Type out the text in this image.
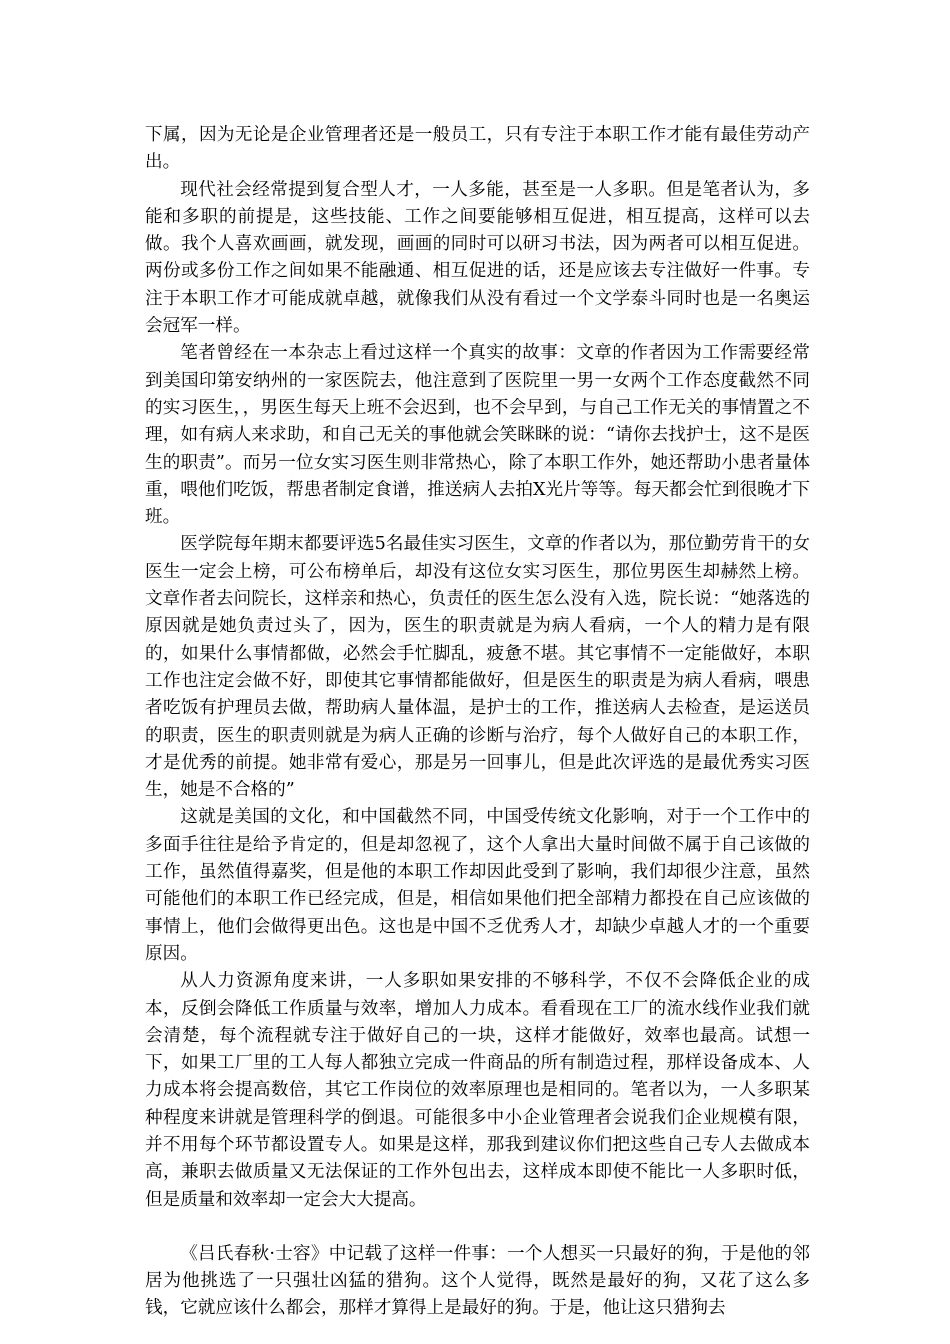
下属，因为无论是企业管理者还是一般员工，只有专注于本职工作才能有最佳劳动产出。

现代社会经常提到复合型人才，一人多能，甚至是一人多职。但是笔者认为，多能和多职的前提是，这些技能、工作之间要能够相互促进，相互提高，这样可以去做。我个人喜欢画画，就发现，画画的同时可以研习书法，因为两者可以相互促进。两份或多份工作之间如果不能融通、相互促进的话，还是应该去专注做好一件事。专注于本职工作才可能成就卓越，就像我们从没有看过一个文学泰斗同时也是一名奥运会冠军一样。

笔者曾经在一本杂志上看过这样一个真实的故事：文章的作者因为工作需要经常到美国印第安纳州的一家医院去，他注意到了医院里一男一女两个工作态度截然不同的实习医生，，男医生每天上班不会迟到，也不会早到，与自己工作无关的事情置之不理，如有病人来求助，和自己无关的事他就会笑眯眯的说：“请你去找护士，这不是医生的职责”。而另一位女实习医生则非常热心，除了本职工作外，她还帮助小患者量体重，喂他们吃饭，帮患者制定食谱，推送病人去拍X光片等等。每天都会忙到很晚才下班。

医学院每年期末都要评选5名最佳实习医生，文章的作者以为，那位勤劳肯干的女医生一定会上榜，可公布榜单后，却没有这位女实习医生，那位男医生却赫然上榜。文章作者去问院长，这样亲和热心，负责任的医生怎么没有入选，院长说：“她落选的原因就是她负责过头了，因为，医生的职责就是为病人看病，一个人的精力是有限的，如果什么事情都做，必然会手忙脚乱，疲惫不堪。其它事情不一定能做好，本职工作也注定会做不好，即使其它事情都能做好，但是医生的职责是为病人看病，喂患者吃饭有护理员去做，帮助病人量体温，是护士的工作，推送病人去检查，是运送员的职责，医生的职责则就是为病人正确的诊断与治疗，每个人做好自己的本职工作，才是优秀的前提。她非常有爱心，那是另一回事儿，但是此次评选的是最优秀实习医生，她是不合格的”

这就是美国的文化，和中国截然不同，中国受传统文化影响，对于一个工作中的多面手往往是给予肯定的，但是却忽视了，这个人拿出大量时间做不属于自己该做的工作，虽然值得嘉奖，但是他的本职工作却因此受到了影响，我们却很少注意，虽然可能他们的本职工作已经完成，但是，相信如果他们把全部精力都投在自己应该做的事情上，他们会做得更出色。这也是中国不乏优秀人才，却缺少卓越人才的一个重要原因。

从人力资源角度来讲，一人多职如果安排的不够科学，不仅不会降低企业的成本，反倒会降低工作质量与效率，增加人力成本。看看现在工厂的流水线作业我们就会清楚，每个流程就专注于做好自己的一块，这样才能做好，效率也最高。试想一下，如果工厂里的工人每人都独立完成一件商品的所有制造过程，那样设备成本、人力成本将会提高数倍，其它工作岗位的效率原理也是相同的。笔者以为，一人多职某种程度来讲就是管理科学的倒退。可能很多中小企业管理者会说我们企业规模有限，并不用每个环节都设置专人。如果是这样，那我到建议你们把这些自己专人去做成本高，兼职去做质量又无法保证的工作外包出去，这样成本即使不能比一人多职时低，但是质量和效率却一定会大大提高。

《吕氏春秋·士容》中记载了这样一件事：一个人想买一只最好的狗，于是他的邻居为他挑选了一只强壮凶猛的猎狗。这个人觉得，既然是最好的狗，又花了这么多钱，它就应该什么都会，那样才算得上是最好的狗。于是，他让这只猎狗去
